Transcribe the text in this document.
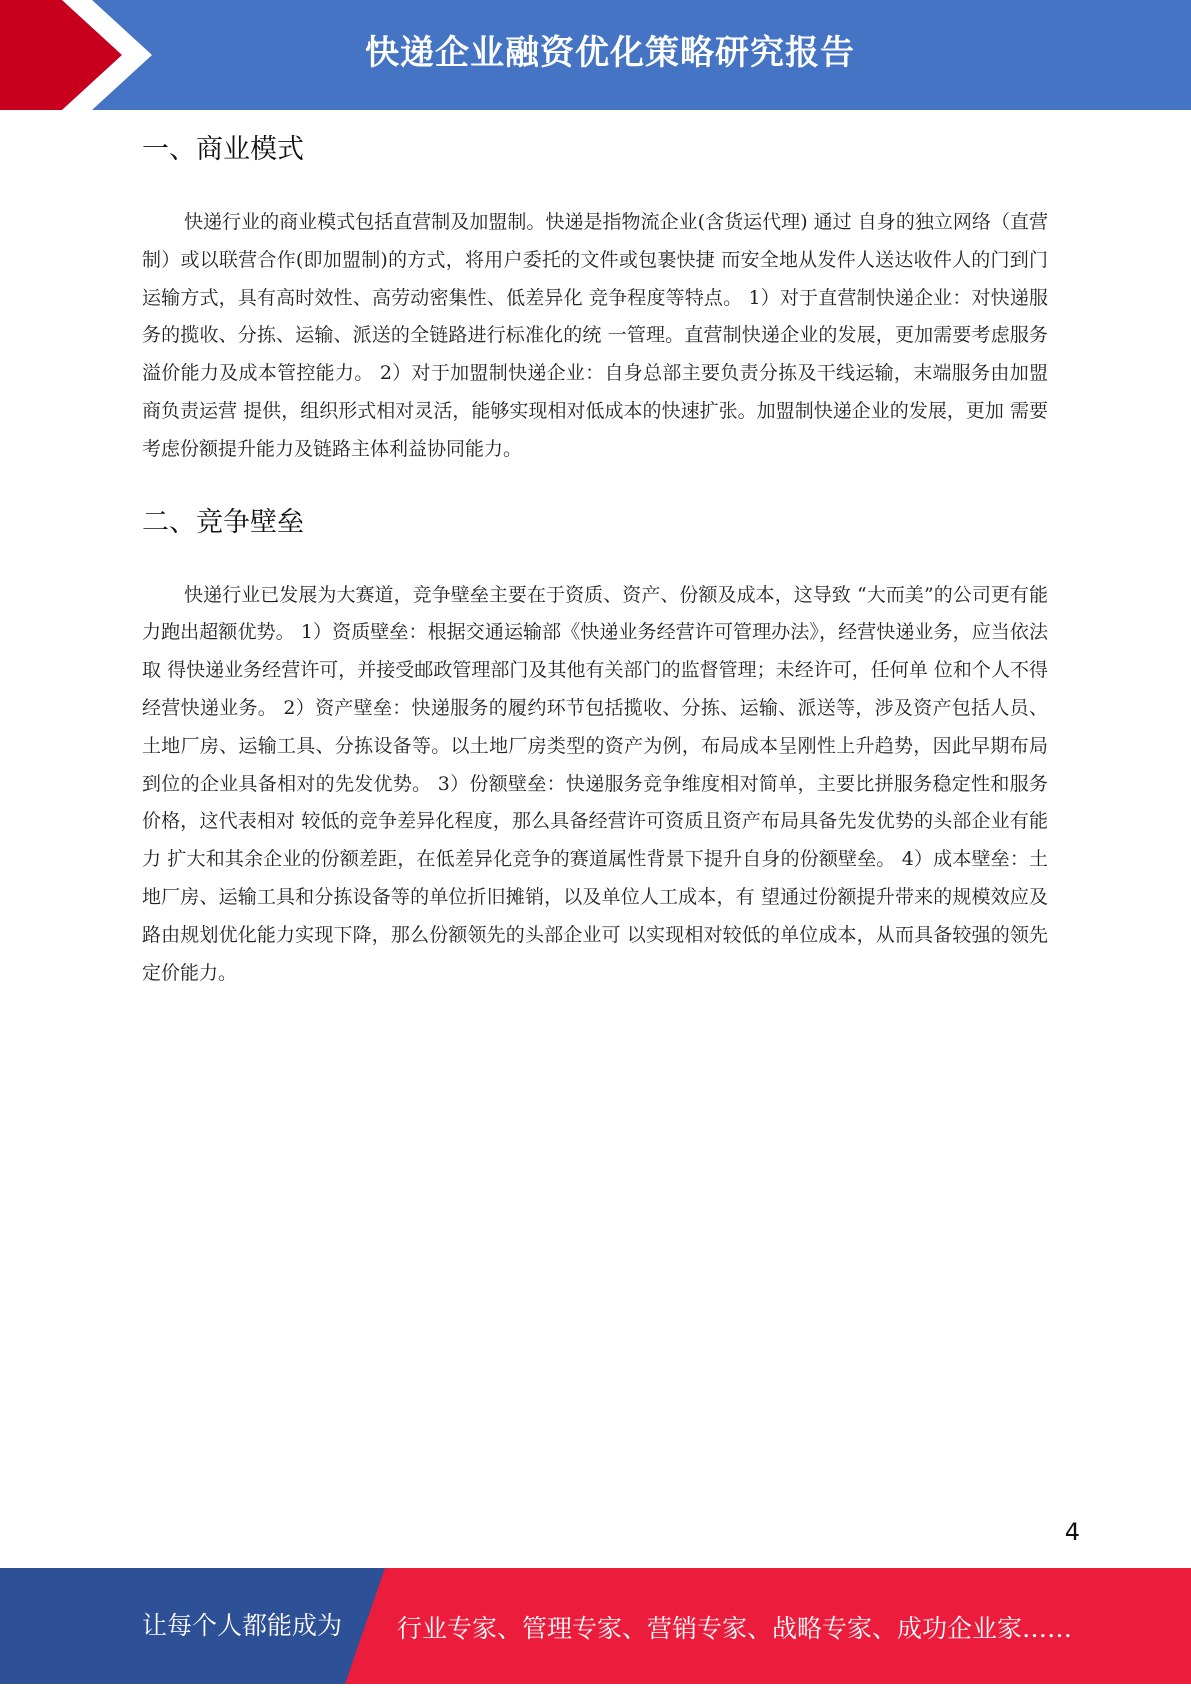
快递企业融资优化策略研究报告
一、商业模式

快递行业的商业模式包括直营制及加盟制。快递是指物流企业(含货运代理) 通过 自身的独立网络（直营制）或以联营合作(即加盟制)的方式，将用户委托的文件或包裹快捷 而安全地从发件人送达收件人的门到门运输方式，具有高时效性、高劳动密集性、低差异化 竞争程度等特点。 1）对于直营制快递企业：对快递服务的揽收、分拣、运输、派送的全链路进行标准化的统 一管理。直营制快递企业的发展，更加需要考虑服务溢价能力及成本管控能力。 2）对于加盟制快递企业：自身总部主要负责分拣及干线运输，末端服务由加盟商负责运营 提供，组织形式相对灵活，能够实现相对低成本的快速扩张。加盟制快递企业的发展，更加 需要考虑份额提升能力及链路主体利益协同能力。

二、竞争壁垒

快递行业已发展为大赛道，竞争壁垒主要在于资质、资产、份额及成本，这导致 “大而美”的公司更有能力跑出超额优势。 1）资质壁垒：根据交通运输部《快递业务经营许可管理办法》，经营快递业务，应当依法取 得快递业务经营许可，并接受邮政管理部门及其他有关部门的监督管理；未经许可，任何单 位和个人不得经营快递业务。 2）资产壁垒：快递服务的履约环节包括揽收、分拣、运输、派送等，涉及资产包括人员、 土地厂房、运输工具、分拣设备等。以土地厂房类型的资产为例，布局成本呈刚性上升趋势，因此早期布局到位的企业具备相对的先发优势。 3）份额壁垒：快递服务竞争维度相对简单，主要比拼服务稳定性和服务价格，这代表相对 较低的竞争差异化程度，那么具备经营许可资质且资产布局具备先发优势的头部企业有能力 扩大和其余企业的份额差距，在低差异化竞争的赛道属性背景下提升自身的份额壁垒。 4）成本壁垒：土地厂房、运输工具和分拣设备等的单位折旧摊销，以及单位人工成本，有 望通过份额提升带来的规模效应及路由规划优化能力实现下降，那么份额领先的头部企业可 以实现相对较低的单位成本，从而具备较强的领先定价能力。

4
让每个人都能成为 行业专家、管理专家、营销专家、战略专家、成功企业家……
